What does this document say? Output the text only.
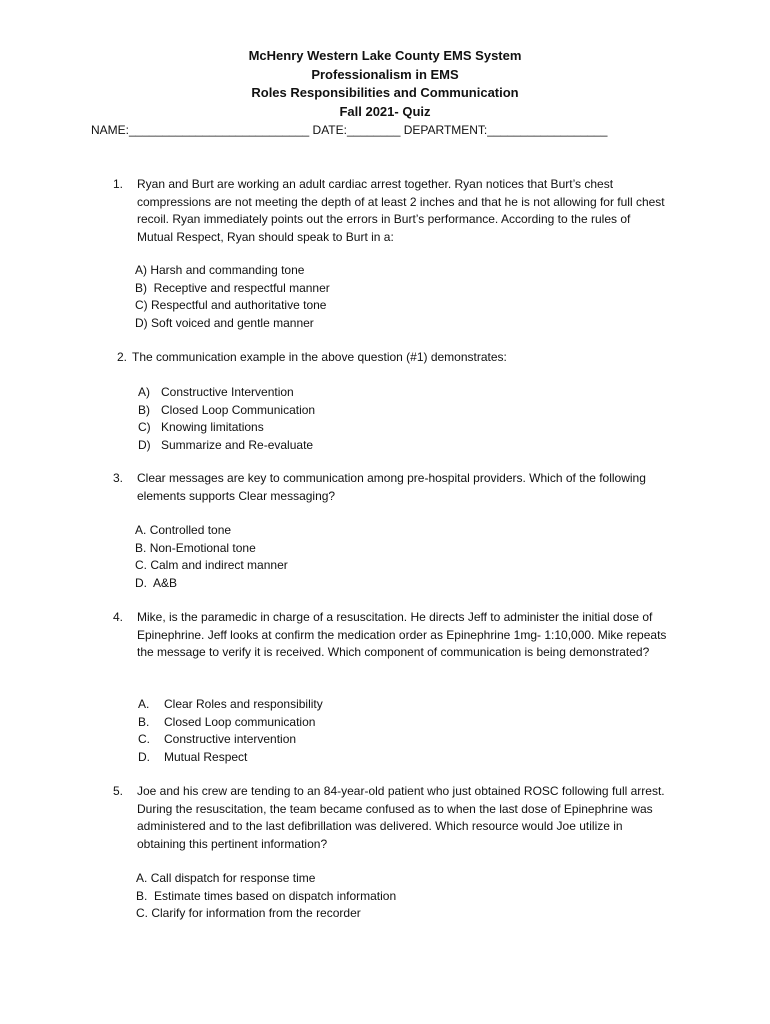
McHenry Western Lake County EMS System
Professionalism in EMS
Roles Responsibilities and Communication
Fall 2021- Quiz
NAME:___________________________ DATE:________ DEPARTMENT:__________________
1. Ryan and Burt are working an adult cardiac arrest together. Ryan notices that Burt’s chest compressions are not meeting the depth of at least 2 inches and that he is not allowing for full chest recoil. Ryan immediately points out the errors in Burt’s performance. According to the rules of Mutual Respect, Ryan should speak to Burt in a:
A) Harsh and commanding tone
B) Receptive and respectful manner
C) Respectful and authoritative tone
D) Soft voiced and gentle manner
2. The communication example in the above question (#1) demonstrates:
A) Constructive Intervention
B) Closed Loop Communication
C) Knowing limitations
D) Summarize and Re-evaluate
3. Clear messages are key to communication among pre-hospital providers. Which of the following elements supports Clear messaging?
A. Controlled tone
B. Non-Emotional tone
C. Calm and indirect manner
D. A&B
4. Mike, is the paramedic in charge of a resuscitation. He directs Jeff to administer the initial dose of Epinephrine. Jeff looks at confirm the medication order as Epinephrine 1mg- 1:10,000. Mike repeats the message to verify it is received. Which component of communication is being demonstrated?
A. Clear Roles and responsibility
B. Closed Loop communication
C. Constructive intervention
D. Mutual Respect
5. Joe and his crew are tending to an 84-year-old patient who just obtained ROSC following full arrest. During the resuscitation, the team became confused as to when the last dose of Epinephrine was administered and to the last defibrillation was delivered. Which resource would Joe utilize in obtaining this pertinent information?
A. Call dispatch for response time
B. Estimate times based on dispatch information
C. Clarify for information from the recorder
